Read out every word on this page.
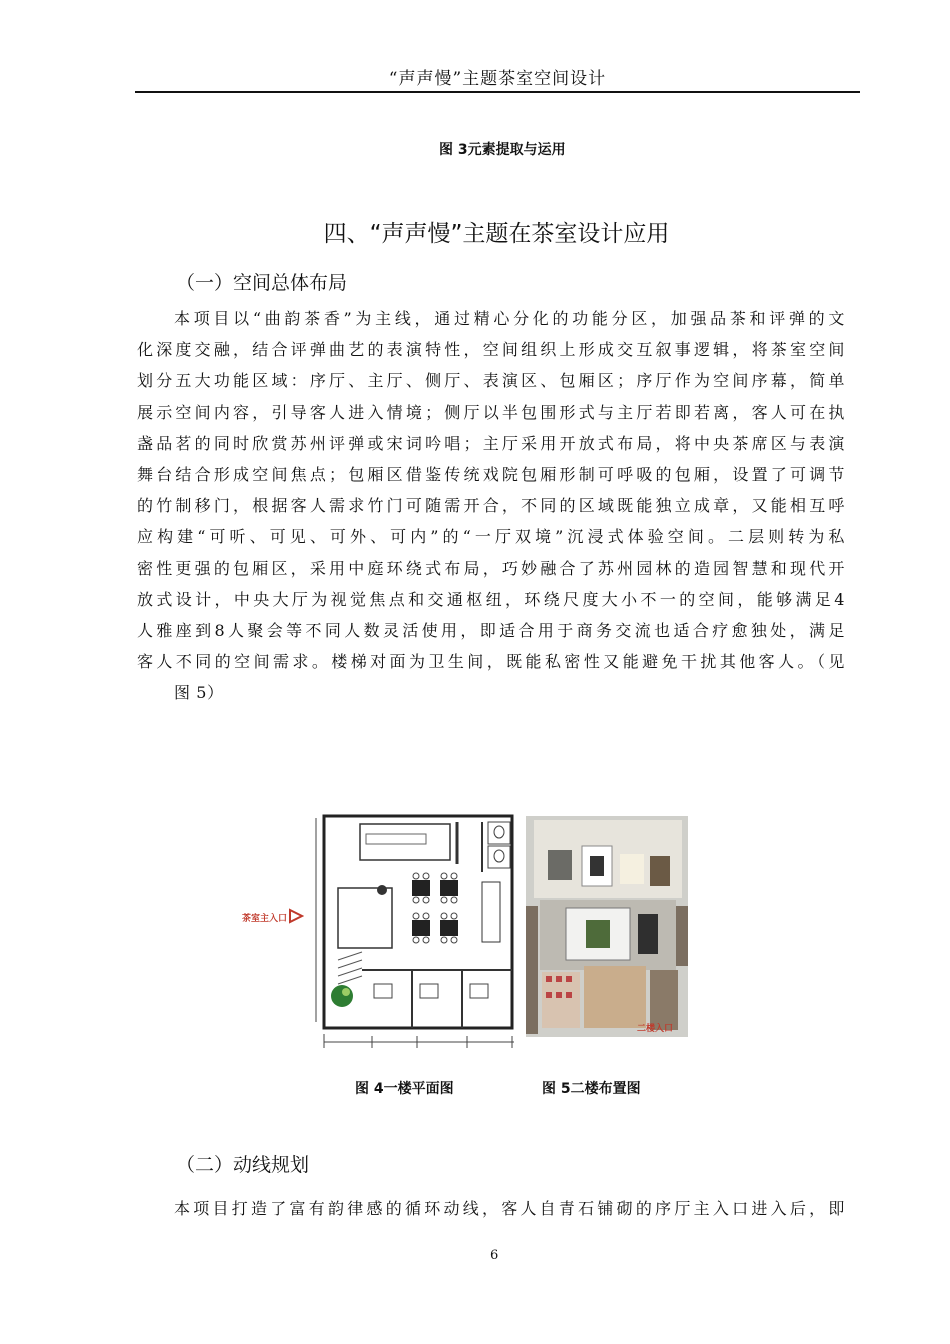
“声声慢”主题茶室空间设计
图 3元素提取与运用
四、“声声慢”主题在茶室设计应用
（一）空间总体布局
本项目以“曲韵茶香”为主线，通过精心分化的功能分区，加强品茶和评弹的文
化深度交融，结合评弹曲艺的表演特性，空间组织上形成交互叙事逻辑，将茶室空间
划分五大功能区域：序厅、主厅、侧厅、表演区、包厢区；序厅作为空间序幕，简单
展示空间内容，引导客人进入情境；侧厅以半包围形式与主厅若即若离，客人可在执
盏品茗的同时欣赏苏州评弹或宋词吟唱；主厅采用开放式布局，将中央茶席区与表演
舞台结合形成空间焦点；包厢区借鉴传统戏院包厢形制可呼吸的包厢，设置了可调节
的竹制移门，根据客人需求竹门可随需开合，不同的区域既能独立成章，又能相互呼
应构建“可听、可见、可外、可内”的“一厅双境”沉浸式体验空间。二层则转为私
密性更强的包厢区，采用中庭环绕式布局，巧妙融合了苏州园林的造园智慧和现代开
放式设计，中央大厅为视觉焦点和交通枢纽，环绕尺度大小不一的空间，能够满足4
人雅座到8人聚会等不同人数灵活使用，即适合用于商务交流也适合疗愈独处，满足
客人不同的空间需求。楼梯对面为卫生间，既能私密性又能避免干扰其他客人。（见
图 5）
茶室主入口
二楼入口
图 4一楼平面图	图 5二楼布置图
（二）动线规划
本项目打造了富有韵律感的循环动线，客人自青石铺砌的序厅主入口进入后，即
6
